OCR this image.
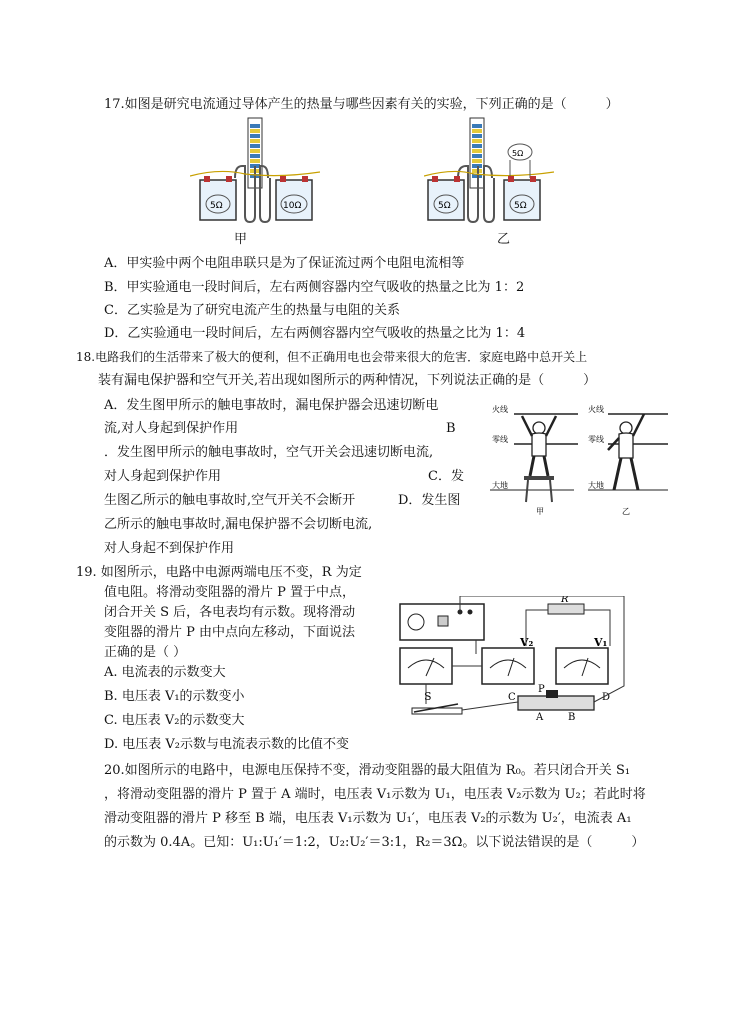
17.如图是研究电流通过导体产生的热量与哪些因素有关的实验，下列正确的是（　　　）
5Ω	10Ω
甲
5Ω
5Ω	5Ω
乙
A．甲实验中两个电阻串联只是为了保证流过两个电阻电流相等
B．甲实验通电一段时间后，左右两侧容器内空气吸收的热量之比为 1：2
C．乙实验是为了研究电流产生的热量与电阻的关系
D．乙实验通电一段时间后，左右两侧容器内空气吸收的热量之比为 1：4
18.电路我们的生活带来了极大的便利，但不正确用电也会带来很大的危害．家庭电路中总开关上
装有漏电保护器和空气开关,若出现如图所示的两种情况，下列说法正确的是（　　　）
A．发生图甲所示的触电事故时，漏电保护器会迅速切断电
流,对人身起到保护作用	B
．发生图甲所示的触电事故时，空气开关会迅速切断电流,
对人身起到保护作用	C．发
生图乙所示的触电事故时,空气开关不会断开	D．发生图
乙所示的触电事故时,漏电保护器不会切断电流,
对人身起不到保护作用
火线
零线
大地
甲
火线
零线
大地
乙
19. 如图所示，电路中电源两端电压不变，R 为定
值电阻。将滑动变阻器的滑片 P 置于中点，
闭合开关 S 后，各电表均有示数。现将滑动
变阻器的滑片 P 由中点向左移动，下面说法
正确的是（ ）
A. 电流表的示数变大
B. 电压表 V₁的示数变小
C. 电压表 V₂的示数变大
D. 电压表 V₂示数与电流表示数的比值不变
R
V₂	V₁
S
P
C	D
A B
20.如图所示的电路中，电源电压保持不变，滑动变阻器的最大阻值为 R₀。若只闭合开关 S₁
，将滑动变阻器的滑片 P 置于 A 端时，电压表 V₁示数为 U₁，电压表 V₂示数为 U₂；若此时将
滑动变阻器的滑片 P 移至 B 端，电压表 V₁示数为 U₁′，电压表 V₂的示数为 U₂′，电流表 A₁
的示数为 0.4A。已知：U₁:U₁′＝1:2，U₂:U₂′＝3:1，R₂＝3Ω。以下说法错误的是（　　　）
